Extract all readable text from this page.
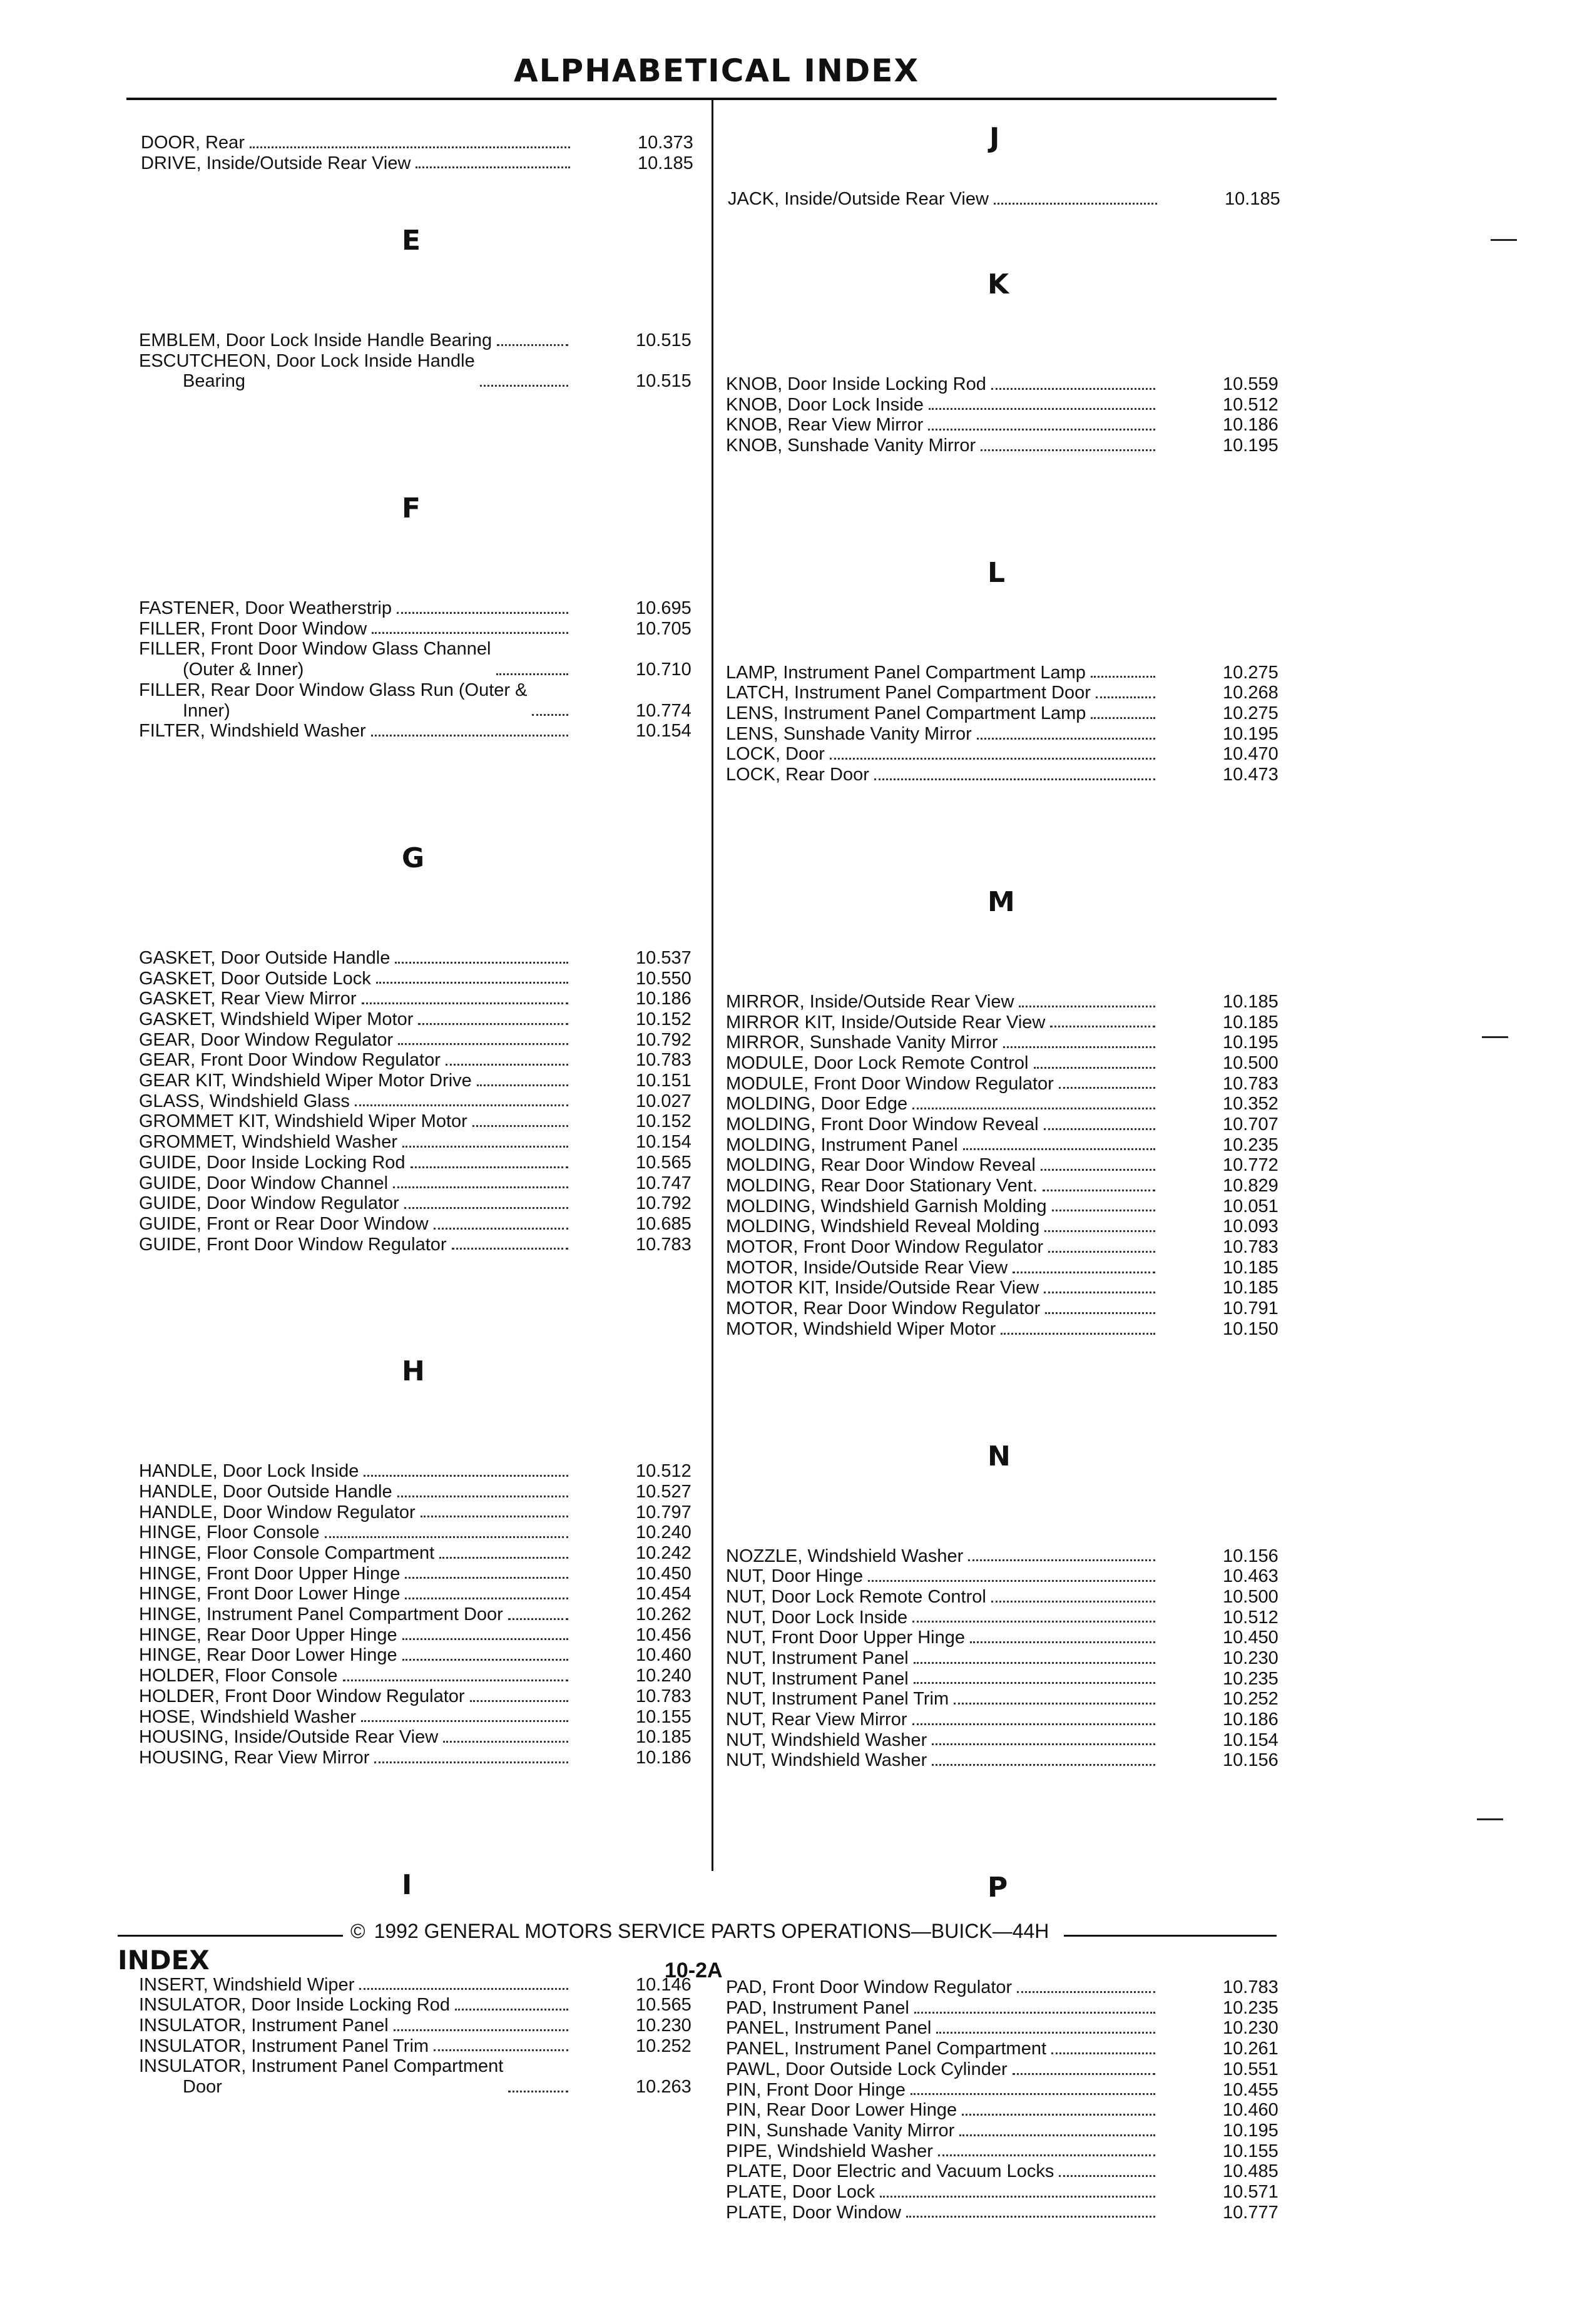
ALPHABETICAL INDEX
DOOR, Rear	10.373
DRIVE, Inside/Outside Rear View	10.185
E
EMBLEM, Door Lock Inside Handle Bearing	10.515
ESCUTCHEON, Door Lock Inside Handle
Bearing	10.515
F
FASTENER, Door Weatherstrip	10.695
FILLER, Front Door Window	10.705
FILLER, Front Door Window Glass Channel
(Outer & Inner)	10.710
FILLER, Rear Door Window Glass Run (Outer &
Inner)	10.774
FILTER, Windshield Washer	10.154
G
GASKET, Door Outside Handle	10.537
GASKET, Door Outside Lock	10.550
GASKET, Rear View Mirror	10.186
GASKET, Windshield Wiper Motor	10.152
GEAR, Door Window Regulator	10.792
GEAR, Front Door Window Regulator	10.783
GEAR KIT, Windshield Wiper Motor Drive	10.151
GLASS, Windshield Glass	10.027
GROMMET KIT, Windshield Wiper Motor	10.152
GROMMET, Windshield Washer	10.154
GUIDE, Door Inside Locking Rod	10.565
GUIDE, Door Window Channel	10.747
GUIDE, Door Window Regulator	10.792
GUIDE, Front or Rear Door Window	10.685
GUIDE, Front Door Window Regulator	10.783
H
HANDLE, Door Lock Inside	10.512
HANDLE, Door Outside Handle	10.527
HANDLE, Door Window Regulator	10.797
HINGE, Floor Console	10.240
HINGE, Floor Console Compartment	10.242
HINGE, Front Door Upper Hinge	10.450
HINGE, Front Door Lower Hinge	10.454
HINGE, Instrument Panel Compartment Door	10.262
HINGE, Rear Door Upper Hinge	10.456
HINGE, Rear Door Lower Hinge	10.460
HOLDER, Floor Console	10.240
HOLDER, Front Door Window Regulator	10.783
HOSE, Windshield Washer	10.155
HOUSING, Inside/Outside Rear View	10.185
HOUSING, Rear View Mirror	10.186
I
INSERT, Windshield Wiper	10.146
INSULATOR, Door Inside Locking Rod	10.565
INSULATOR, Instrument Panel	10.230
INSULATOR, Instrument Panel Trim	10.252
INSULATOR, Instrument Panel Compartment
Door	10.263
J
JACK, Inside/Outside Rear View	10.185
K
KNOB, Door Inside Locking Rod	10.559
KNOB, Door Lock Inside	10.512
KNOB, Rear View Mirror	10.186
KNOB, Sunshade Vanity Mirror	10.195
L
LAMP, Instrument Panel Compartment Lamp	10.275
LATCH, Instrument Panel Compartment Door	10.268
LENS, Instrument Panel Compartment Lamp	10.275
LENS, Sunshade Vanity Mirror	10.195
LOCK, Door	10.470
LOCK, Rear Door	10.473
M
MIRROR, Inside/Outside Rear View	10.185
MIRROR KIT, Inside/Outside Rear View	10.185
MIRROR, Sunshade Vanity Mirror	10.195
MODULE, Door Lock Remote Control	10.500
MODULE, Front Door Window Regulator	10.783
MOLDING, Door Edge	10.352
MOLDING, Front Door Window Reveal	10.707
MOLDING, Instrument Panel	10.235
MOLDING, Rear Door Window Reveal	10.772
MOLDING, Rear Door Stationary Vent.	10.829
MOLDING, Windshield Garnish Molding	10.051
MOLDING, Windshield Reveal Molding	10.093
MOTOR, Front Door Window Regulator	10.783
MOTOR, Inside/Outside Rear View	10.185
MOTOR KIT, Inside/Outside Rear View	10.185
MOTOR, Rear Door Window Regulator	10.791
MOTOR, Windshield Wiper Motor	10.150
N
NOZZLE, Windshield Washer	10.156
NUT, Door Hinge	10.463
NUT, Door Lock Remote Control	10.500
NUT, Door Lock Inside	10.512
NUT, Front Door Upper Hinge	10.450
NUT, Instrument Panel	10.230
NUT, Instrument Panel	10.235
NUT, Instrument Panel Trim	10.252
NUT, Rear View Mirror	10.186
NUT, Windshield Washer	10.154
NUT, Windshield Washer	10.156
P
PAD, Front Door Window Regulator	10.783
PAD, Instrument Panel	10.235
PANEL, Instrument Panel	10.230
PANEL, Instrument Panel Compartment	10.261
PAWL, Door Outside Lock Cylinder	10.551
PIN, Front Door Hinge	10.455
PIN, Rear Door Lower Hinge	10.460
PIN, Sunshade Vanity Mirror	10.195
PIPE, Windshield Washer	10.155
PLATE, Door Electric and Vacuum Locks	10.485
PLATE, Door Lock	10.571
PLATE, Door Window	10.777
© 1992 GENERAL MOTORS SERVICE PARTS OPERATIONS—BUICK—44H
INDEX	10-2A
